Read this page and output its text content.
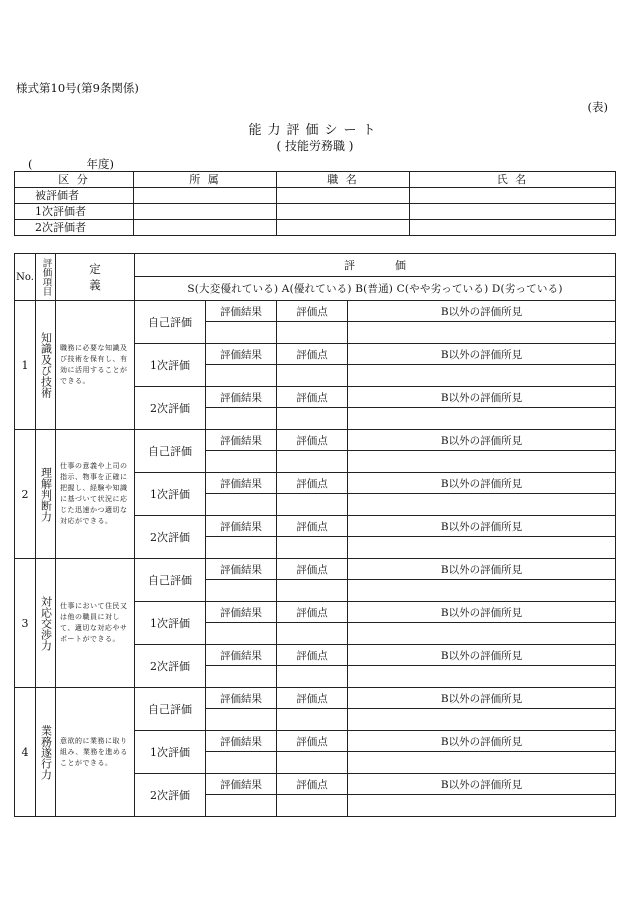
様式第10号(第9条関係)
(表)
能力評価シート
( 技能労務職 )
(	年度)
区 分	所 属	職 名	氏 名
被評価者			
1次評価者			
2次評価者			
No.	評価項目	定 義	評価			
			S(大変優れている) A(優れている) B(普通) C(やや劣っている) D(劣っている)			
1	知識及び技術	職務に必要な知識及び技術を保有し、有効に活用することができる。	自己評価	評価結果	評価点	B以外の評価所見

			1次評価	評価結果	評価点	B以外の評価所見

			2次評価	評価結果	評価点	B以外の評価所見

2	理解判断力	仕事の意義や上司の指示、物事を正確に把握し、経験や知識に基づいて状況に応じた迅速かつ適切な対応ができる。	自己評価	評価結果	評価点	B以外の評価所見

			1次評価	評価結果	評価点	B以外の評価所見

			2次評価	評価結果	評価点	B以外の評価所見

3	対応交渉力	仕事において住民又は他の職員に対して、適切な対応やサポートができる。	自己評価	評価結果	評価点	B以外の評価所見

			1次評価	評価結果	評価点	B以外の評価所見

			2次評価	評価結果	評価点	B以外の評価所見

4	業務遂行力	意欲的に業務に取り組み、業務を進めることができる。	自己評価	評価結果	評価点	B以外の評価所見

			1次評価	評価結果	評価点	B以外の評価所見

			2次評価	評価結果	評価点	B以外の評価所見
